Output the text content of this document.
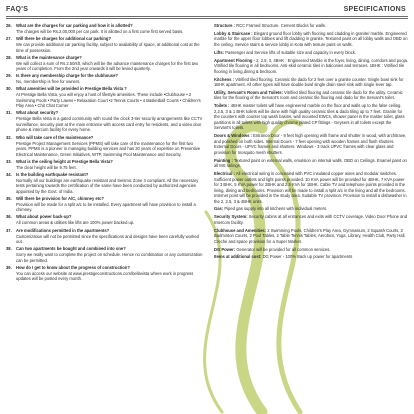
FAQ'S	SPECIFICATIONS
26.	What are the charges for car parking and how it is allotted?
The charges will be Rs.2,00,000 per car park. It is allotted on a first come first served basis.
27.	Will there be charges for additional car parking?
We can provide additional car parking facility, subject to availability of space, at additional cost at the time of possession.
28.	What is the maintenance charge?
We will collect a sum of Rs.2.50/sft, which will be the advance maintenance charges for the first two years of completion. From the 2nd year onwards it will be levied quarterly.
29.	Is there any membership charge for the clubhouse?
No, membership is free for owners.
30.	What amenities will be provided in Prestige Bella Vista ?
At Prestige Bella Vista, you will enjoy a host of lifestyle amenities. These include •Clubhouse • 2 Swimming Pools • Party Lawns • Relaxation Court •2 Tennis Courts • 4 Basketball Courts • Children's Play Area • Chit Chat Corner
31.	What about security?
Prestige Bella Vista is a gated community with round the clock 3-tier security arrangements like CCTV surveillance, security post at the main entrance with access card entry for residents, and a video door phone & intercom facility for every home.
32.	Who will take care of the maintenance?
Prestige Project Management Services (PPMS) will take care of the maintenance for the first two years. PPMS is a pioneer in managing building services and has 20 years of expertise on Preventive Electrical Maintenance, Green Initiatives, WTP, Swimming Pool Maintenance and Security.
33.	What is the ceiling height at Prestige Bella Vista?
The clear height will be 9.75 feet.
34.	Is the building earthquake resistant?
Normally all our buildings are earthquake resistant and Seismic Zone 3 compliant. All the necessary tests pertaining towards the certification of the same have been conducted by authorized agencies appointed by the Govt. of India.
35.	Will there be provision for A/C, chimney etc?
Provision will be made for a split a/c to be installed. Every apartment will have provision to install a chimney.
36.	What about power back-up?
All common areas & utilities like lifts are 100% power backed up.
37.	Are modifications permitted in the apartments?
Customization will not be permitted since the specifications and designs have been carefully worked out.
38.	Can two apartments be bought and combined into one?
Sorry we really want to complete the project on schedule. Hence no combination or any customization can be permitted.
39.	How do I get to know about the progress of construction?
You can access our website at www.prestigeconstructions.com/bellavista where work in progress updates will be posted every month.
Structure : RCC Framed Structure. Cement Blocks for walls.
Lobby & Staircase : Elegant ground floor lobby with flooring and cladding in granite/ marble. Engineered marble for the upper floor lobbies and lift cladding in granite. Textured paint on all lobby walls and OBD on the ceiling. Service stairs & service lobby in Kota with texture paint on walls.
Lifts: Passenger and Service lifts of suitable size and capacity in every block.
Apartment Flooring - 2, 2.5, 3, 4BHK : Engineered Marble in the foyer, living, dining, corridors and pooja. Vitrified tile flooring in all bedrooms. Anti-skid ceramic tiles in balconies and terraces. 1BHK : Vitrified tile flooring in living,dining & bedroom.
Kitchens : Vitrified tiled flooring. Ceramic tile dado for 2 feet over a granite counter. Single bowl sink for 1BHK apartment. All other types will have double bowl single drain steel sink with single lever tap.
Utility, Servant's Room and Toilets: Vitrified tiled flooring and ceramic tile dado for the utility. Ceramic tiles for the flooring of the Servant's room and ceramic tile flooring and dado for the Servant's toilet.
Toilets : 4BHK master toilets will have engineered marble on the floor and walls up to the false ceiling. 2,2.5, 3 & 1 BHK toilets will be done with high quality ceramic tiles & dado tiling up to 7 feet. Granite for the counters with counter top wash basins, wall mounted EWCs, shower panel in the master toilet, glass partitions in all toilets with high quality chrome plated CP fittings - Geysers in all toilets except the Servant's toilets.
Doors & Windows : Entrance Door - 8 feet high opening with frame and shutter in wood, with architrave, and polished on both sides. Internal Doors - 7 feet opening with wooden frames and flush shutters. External Doors - UPVC frames and shutters. Windows - 3 track UPVC frames with clear glass and provision for mosquito mesh shutters.
Painting : Textured paint on external walls, emulsion on internal walls. OBD on Ceilings. Enamel paint on all MS railings.
Electrical : All electrical wiring is concealed with PVC insulated copper wires and modular switches. Sufficient power outlets and light points provided. 10 KVA power will be provided for 4BHK, 7 KVA power for 3 BHK, 5 KVA power for 2BHK and 2.5 KVA for 1BHK. Cable TV and telephone points provided in the living, dining and bedrooms. Provision will be made to install a split a/c in the living and all the bedrooms. Internet point will be provided in the study area. Suitable TV provision. Provision to install a dishwasher in the 2, 2.5, 3 & 4BHK units.
Gas: Piped gas supply into all kitchens with individual meters.
Security System: Security cabins at all entrances and exits with CCTV coverage. Video Door Phone and Intercom facility.
Clubhouse and Amenities: 2 Swimming Pools, Children's Play Area, Gymnasium, 2 Squash Courts, 2 Badminton Courts, 2 Pool Tables, 2 Table Tennis Tables, Aerobics, Yoga, Library, Health Club, Party Hall, Creche and space provision for a Super Market.
DG Power: Generator will be provided for all common services.
Items at additional cost: DG Power - 100% Back up power for apartments
